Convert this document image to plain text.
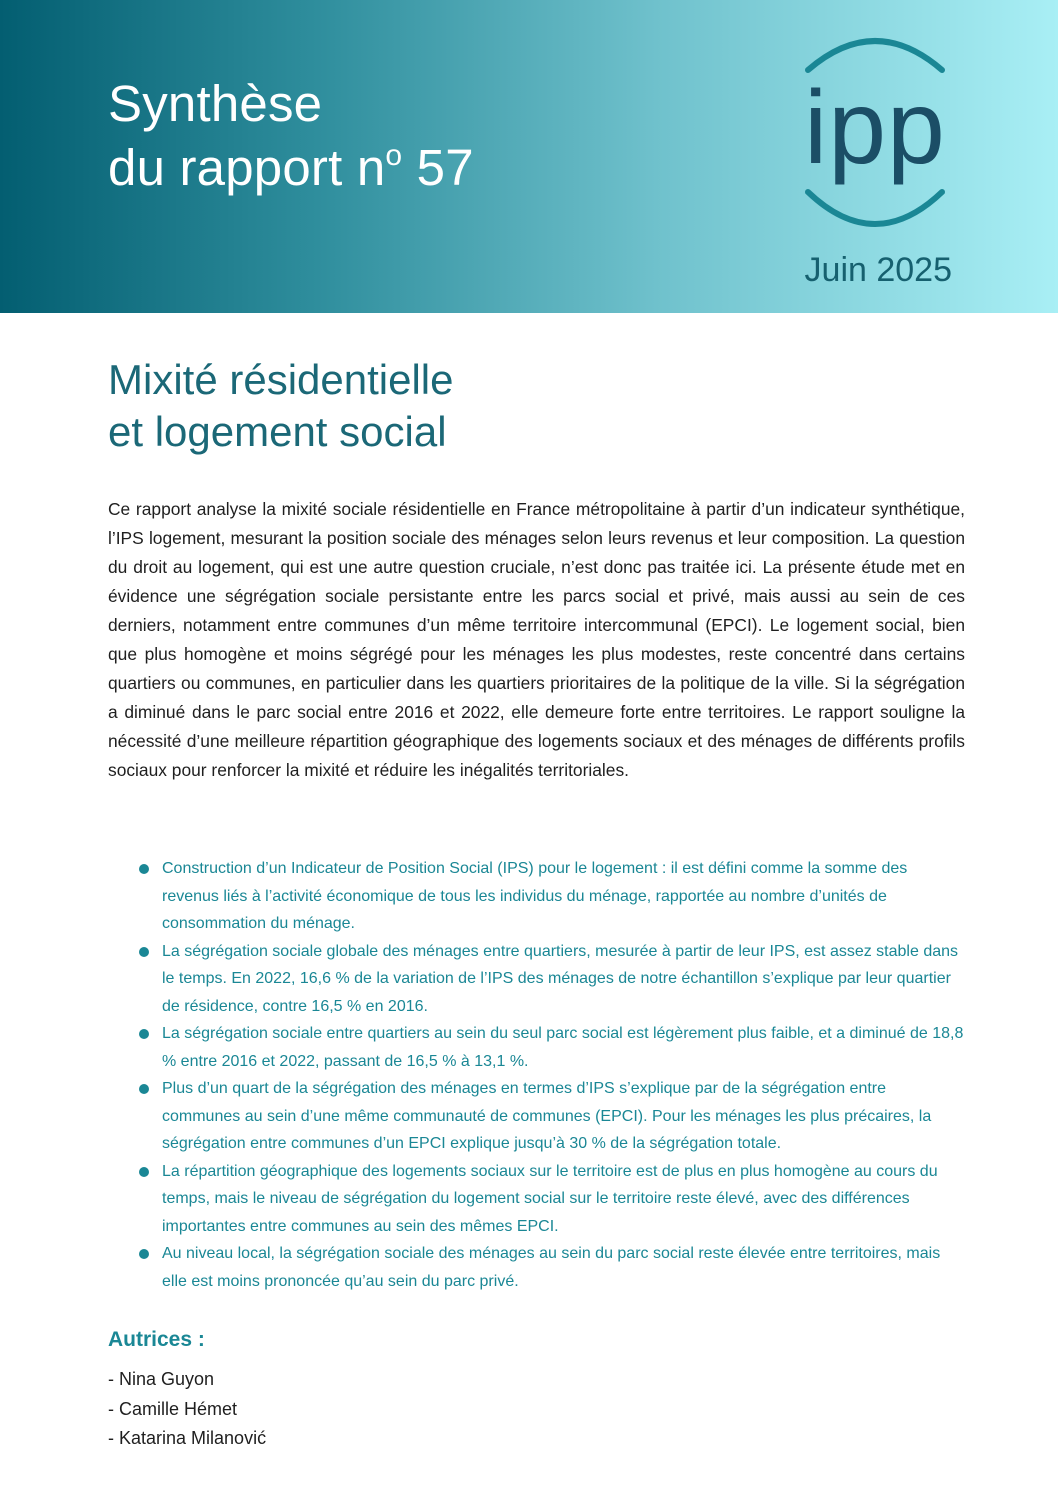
Synthèse
du rapport $n^o$ 57	ipp
Juin 2025
Mixité résidentielle
et logement social

Ce rapport analyse la mixité sociale résidentielle en France métropolitaine à partir d’un indicateur synthétique, l’IPS logement, mesurant la position sociale des ménages selon leurs revenus et leur composition. La question du droit au logement, qui est une autre question cruciale, n’est donc pas traitée ici. La présente étude met en évidence une ségrégation sociale persistante entre les parcs social et privé, mais aussi au sein de ces derniers, notamment entre communes d’un même territoire intercommunal (EPCI). Le logement social, bien que plus homogène et moins ségrégé pour les ménages les plus modestes, reste concentré dans certains quartiers ou communes, en particulier dans les quartiers prioritaires de la politique de la ville. Si la ségrégation a diminué dans le parc social entre 2016 et 2022, elle demeure forte entre territoires. Le rapport souligne la nécessité d’une meilleure répartition géographique des logements sociaux et des ménages de différents profils sociaux pour renforcer la mixité et réduire les inégalités territoriales.

Construction d’un Indicateur de Position Social (IPS) pour le logement : il est défini comme la somme des revenus liés à l’activité économique de tous les individus du ménage, rapportée au nombre d’unités de consommation du ménage.
La ségrégation sociale globale des ménages entre quartiers, mesurée à partir de leur IPS, est assez stable dans le temps. En 2022, 16,6 % de la variation de l’IPS des ménages de notre échantillon s’explique par leur quartier de résidence, contre 16,5 % en 2016.
La ségrégation sociale entre quartiers au sein du seul parc social est légèrement plus faible, et a diminué de 18,8 % entre 2016 et 2022, passant de 16,5 % à 13,1 %.
Plus d’un quart de la ségrégation des ménages en termes d’IPS s’explique par de la ségrégation entre communes au sein d’une même communauté de communes (EPCI). Pour les ménages les plus précaires, la ségrégation entre communes d’un EPCI explique jusqu’à 30 % de la ségrégation totale.
La répartition géographique des logements sociaux sur le territoire est de plus en plus homogène au cours du temps, mais le niveau de ségrégation du logement social sur le territoire reste élevé, avec des différences importantes entre communes au sein des mêmes EPCI.
Au niveau local, la ségrégation sociale des ménages au sein du parc social reste élevée entre territoires, mais elle est moins prononcée qu’au sein du parc privé.
Autrices :
- Nina Guyon
- Camille Hémet
- Katarina Milanović
